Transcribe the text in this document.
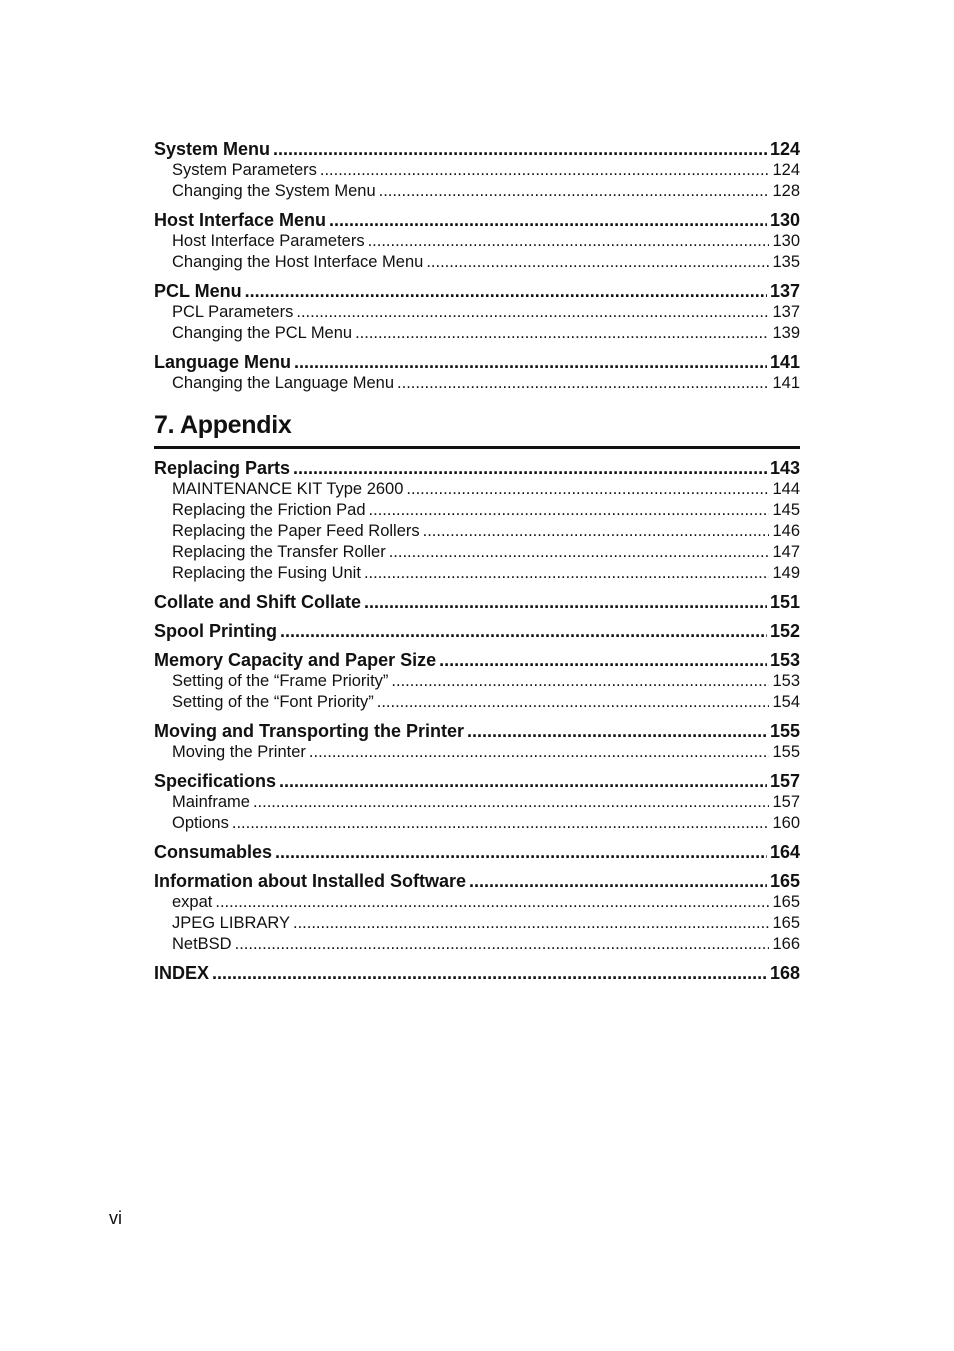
System Menu .....	124
System Parameters .....	124
Changing the System Menu .....	128
Host Interface Menu .....	130
Host Interface Parameters .....	130
Changing the Host Interface Menu .....	135
PCL Menu .....	137
PCL Parameters .....	137
Changing the PCL Menu .....	139
Language Menu .....	141
Changing the Language Menu .....	141
7. Appendix
Replacing Parts .....	143
MAINTENANCE KIT Type 2600 .....	144
Replacing the Friction Pad .....	145
Replacing the Paper Feed Rollers .....	146
Replacing the Transfer Roller .....	147
Replacing the Fusing Unit .....	149
Collate and Shift Collate .....	151
Spool Printing .....	152
Memory Capacity and Paper Size .....	153
Setting of the “Frame Priority” .....	153
Setting of the “Font Priority” .....	154
Moving and Transporting the Printer .....	155
Moving the Printer .....	155
Specifications .....	157
Mainframe .....	157
Options .....	160
Consumables .....	164
Information about Installed Software .....	165
expat .....	165
JPEG LIBRARY .....	165
NetBSD .....	166
INDEX .....	168
vi
